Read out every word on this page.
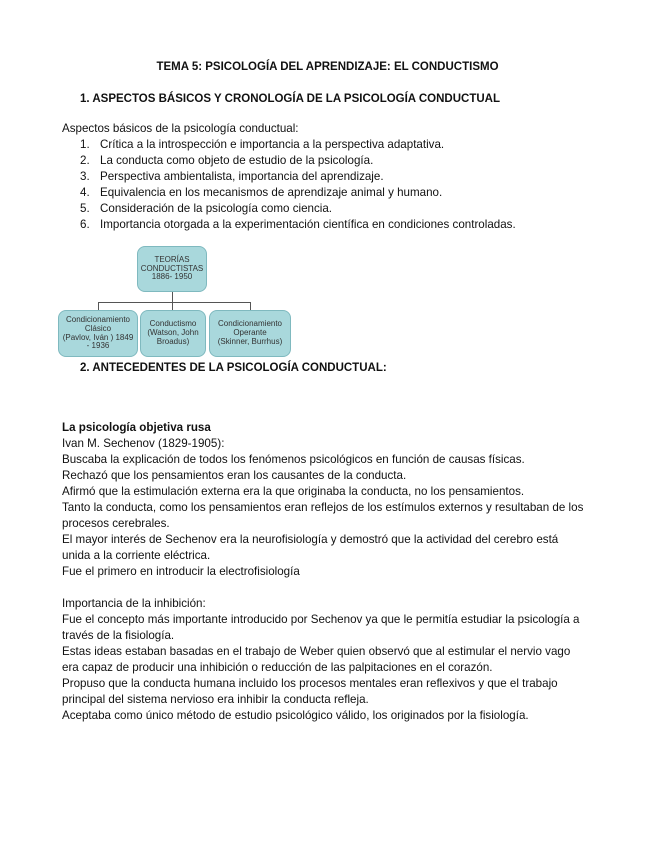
TEMA 5: PSICOLOGÍA DEL APRENDIZAJE: EL CONDUCTISMO
1. ASPECTOS BÁSICOS Y CRONOLOGÍA DE LA PSICOLOGÍA CONDUCTUAL
Aspectos básicos de la psicología conductual:
1. Crítica a la introspección e importancia a la perspectiva adaptativa.
2. La conducta como objeto de estudio de la psicología.
3. Perspectiva ambientalista, importancia del aprendizaje.
4. Equivalencia en los mecanismos de aprendizaje animal y humano.
5. Consideración de la psicología como ciencia.
6. Importancia otorgada a la experimentación científica en condiciones controladas.
TEORÍAS
CONDUCTISTAS
1886- 1950
Condicionamiento
Clásico
(Pavlov, Iván ) 1849 - 1936
Conductismo
(Watson, John Broadus)
Condicionamiento
Operante
(Skinner, Burrhus)
2. ANTECEDENTES DE LA PSICOLOGÍA CONDUCTUAL:
La psicología objetiva rusa
Ivan M. Sechenov (1829-1905):
Buscaba la explicación de todos los fenómenos psicológicos en función de causas físicas.
Rechazó que los pensamientos eran los causantes de la conducta.
Afirmó que la estimulación externa era la que originaba la conducta, no los pensamientos.
Tanto la conducta, como los pensamientos eran reflejos de los estímulos externos y resultaban de los
procesos cerebrales.
El mayor interés de Sechenov era la neurofisiología y demostró que la actividad del cerebro está
unida a la corriente eléctrica.
Fue el primero en introducir la electrofisiología
Importancia de la inhibición:
Fue el concepto más importante introducido por Sechenov ya que le permitía estudiar la psicología a
través de la fisiología.
Estas ideas estaban basadas en el trabajo de Weber quien observó que al estimular el nervio vago
era capaz de producir una inhibición o reducción de las palpitaciones en el corazón.
Propuso que la conducta humana incluido los procesos mentales eran reflexivos y que el trabajo
principal del sistema nervioso era inhibir la conducta refleja.
Aceptaba como único método de estudio psicológico válido, los originados por la fisiología.
